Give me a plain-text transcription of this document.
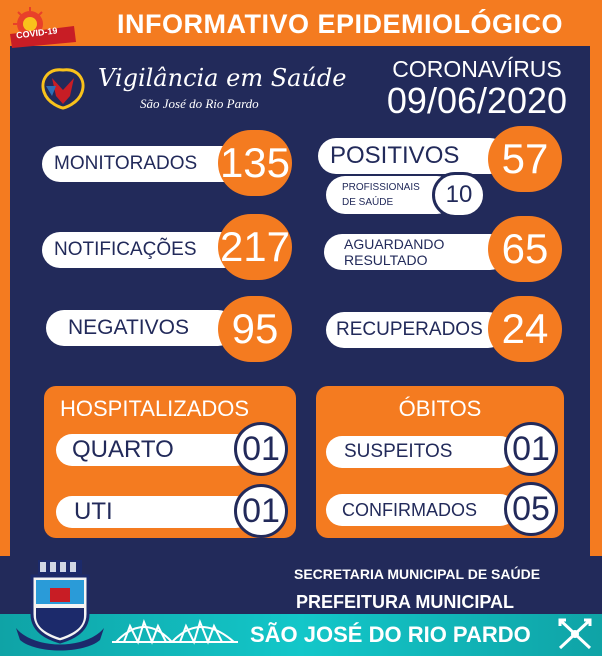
COVID-19	INFORMATIVO EPIDEMIOLÓGICO
Vigilância em Saúde
São José do Rio Pardo
CORONAVÍRUS
09/06/2020
MONITORADOS 135
NOTIFICAÇÕES 217
NEGATIVOS	95
POSITIVOS	57
PROFISSIONAIS
DE SAÚDE	10
AGUARDANDO
RESULTADO	65
RECUPERADOS 24
HOSPITALIZADOS
QUARTO 01
UTI	01
ÓBITOS
SUSPEITOS 01
CONFIRMADOS 05
SECRETARIA MUNICIPAL DE SAÚDE
PREFEITURA MUNICIPAL
SÃO JOSÉ DO RIO PARDO
